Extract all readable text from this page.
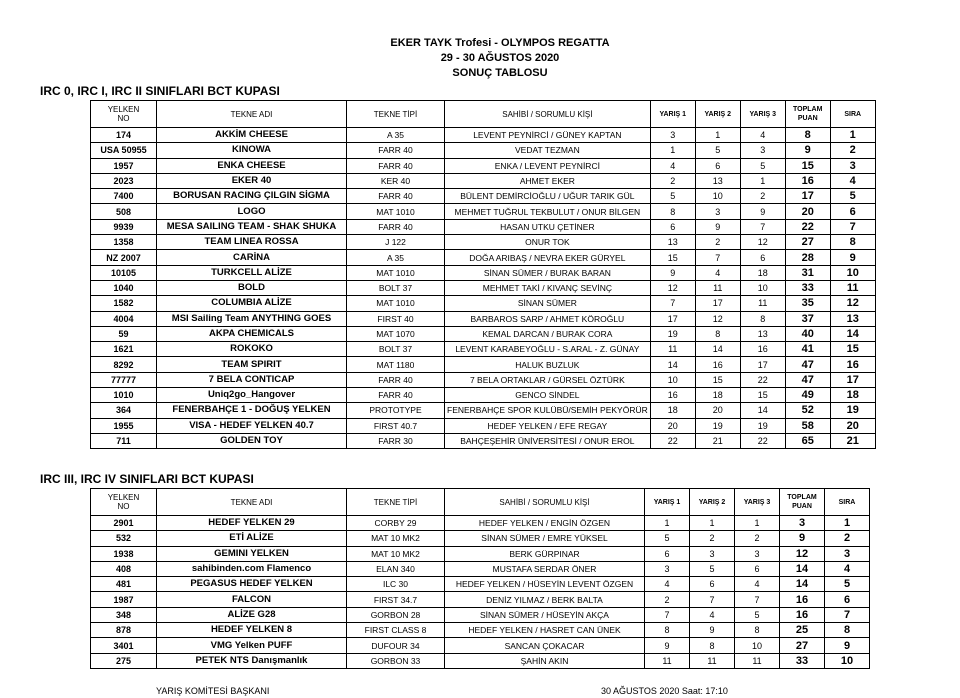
EKER TAYK Trofesi - OLYMPOS REGATTA
29 - 30 AĞUSTOS 2020
SONUÇ TABLOSU
IRC 0, IRC I, IRC II SINIFLARI BCT KUPASI
YELKEN
NO	TEKNE ADI	TEKNE TİPİ	SAHİBİ / SORUMLU KİŞİ	YARIŞ 1	YARIŞ 2	YARIŞ 3	TOPLAM
PUAN	SIRA
174	AKKİM CHEESE	A 35	LEVENT PEYNİRCİ / GÜNEY KAPTAN	3	1	4	8	1
USA 50955	KINOWA	FARR 40	VEDAT TEZMAN	1	5	3	9	2
1957	ENKA CHEESE	FARR 40	ENKA / LEVENT PEYNİRCİ	4	6	5	15	3
2023	EKER 40	KER 40	AHMET EKER	2	13	1	16	4
7400	BORUSAN RACING ÇILGIN SİGMA	FARR 40	BÜLENT DEMİRCİOĞLU / UĞUR TARIK GÜL	5	10	2	17	5
508	LOGO	MAT 1010	MEHMET TUĞRUL TEKBULUT / ONUR BİLGEN	8	3	9	20	6
9939	MESA SAILING TEAM - SHAK SHUKA	FARR 40	HASAN UTKU ÇETİNER	6	9	7	22	7
1358	TEAM LINEA ROSSA	J 122	ONUR TOK	13	2	12	27	8
NZ 2007	CARİNA	A 35	DOĞA ARIBAŞ / NEVRA EKER GÜRYEL	15	7	6	28	9
10105	TURKCELL ALİZE	MAT 1010	SİNAN SÜMER / BURAK BARAN	9	4	18	31	10
1040	BOLD	BOLT 37	MEHMET TAKİ / KIVANÇ SEVİNÇ	12	11	10	33	11
1582	COLUMBIA ALİZE	MAT 1010	SİNAN SÜMER	7	17	11	35	12
4004	MSI Sailing Team ANYTHING GOES	FIRST 40	BARBAROS SARP / AHMET KÖROĞLU	17	12	8	37	13
59	AKPA CHEMICALS	MAT 1070	KEMAL DARCAN / BURAK CORA	19	8	13	40	14
1621	ROKOKO	BOLT 37	LEVENT KARABEYOĞLU - S.ARAL - Z. GÜNAY	11	14	16	41	15
8292	TEAM SPIRIT	MAT 1180	HALUK BUZLUK	14	16	17	47	16
77777	7 BELA CONTICAP	FARR 40	7 BELA ORTAKLAR / GÜRSEL ÖZTÜRK	10	15	22	47	17
1010	Uniq2go_Hangover	FARR 40	GENCO SİNDEL	16	18	15	49	18
364	FENERBAHÇE 1 - DOĞUŞ YELKEN	PROTOTYPE	FENERBAHÇE SPOR KULÜBÜ/SEMİH PEKYÖRÜR	18	20	14	52	19
1955	VISA - HEDEF YELKEN 40.7	FIRST 40.7	HEDEF YELKEN / EFE REGAY	20	19	19	58	20
711	GOLDEN TOY	FARR 30	BAHÇEŞEHİR ÜNİVERSİTESİ / ONUR EROL	22	21	22	65	21
IRC III, IRC IV SINIFLARI BCT KUPASI
YELKEN
NO	TEKNE ADI	TEKNE TİPİ	SAHİBİ / SORUMLU KİŞİ	YARIŞ 1	YARIŞ 2	YARIŞ 3	TOPLAM
PUAN	SIRA
2901	HEDEF YELKEN 29	CORBY 29	HEDEF YELKEN / ENGİN ÖZGEN	1	1	1	3	1
532	ETİ ALİZE	MAT 10 MK2	SİNAN SÜMER / EMRE YÜKSEL	5	2	2	9	2
1938	GEMINI YELKEN	MAT 10 MK2	BERK GÜRPINAR	6	3	3	12	3
408	sahibinden.com Flamenco	ELAN 340	MUSTAFA SERDAR ÖNER	3	5	6	14	4
481	PEGASUS HEDEF YELKEN	ILC 30	HEDEF YELKEN / HÜSEYİN LEVENT ÖZGEN	4	6	4	14	5
1987	FALCON	FIRST 34.7	DENİZ YILMAZ / BERK BALTA	2	7	7	16	6
348	ALİZE G28	GORBON 28	SİNAN SÜMER / HÜSEYİN AKÇA	7	4	5	16	7
878	HEDEF YELKEN 8	FIRST CLASS 8	HEDEF YELKEN / HASRET CAN ÜNEK	8	9	8	25	8
3401	VMG Yelken PUFF	DUFOUR 34	SANCAN ÇOKACAR	9	8	10	27	9
275	PETEK NTS Danışmanlık	GORBON 33	ŞAHİN AKIN	11	11	11	33	10
YARIŞ KOMİTESİ BAŞKANI	30 AĞUSTOS 2020 Saat: 17:10
